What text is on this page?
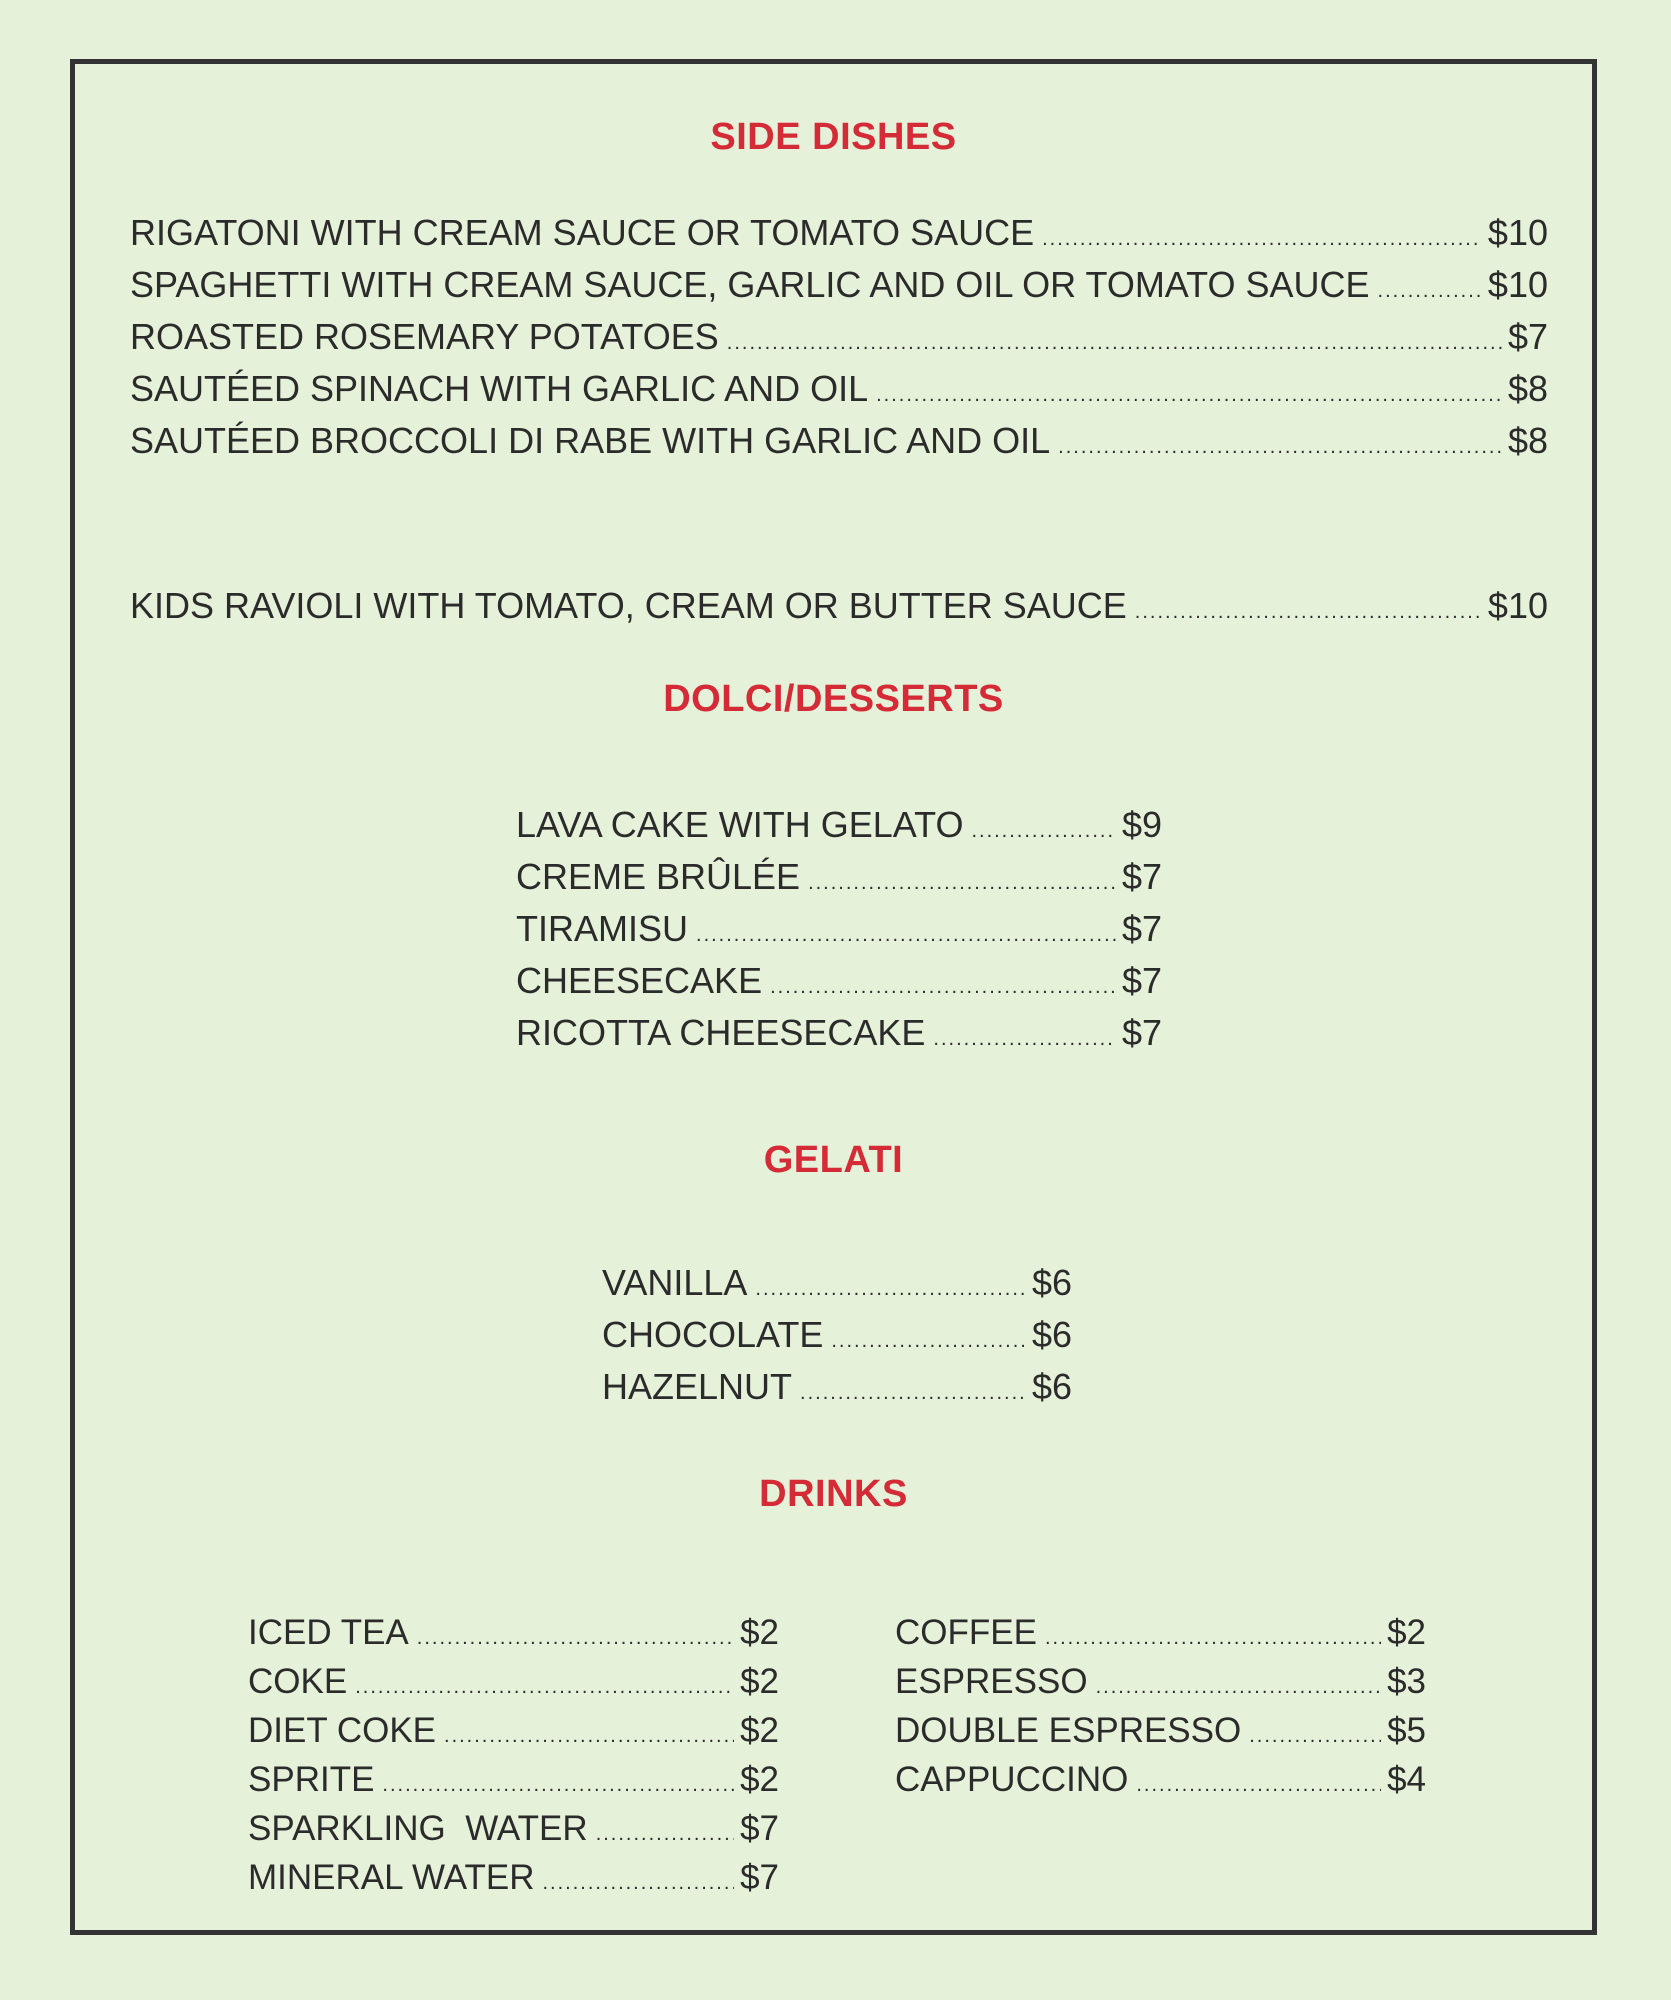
SIDE DISHES
RIGATONI WITH CREAM SAUCE OR TOMATO SAUCE .....	$10
SPAGHETTI WITH CREAM SAUCE, GARLIC AND OIL OR TOMATO SAUCE .....	$10
ROASTED ROSEMARY POTATOES .....	$7
SAUTÉED SPINACH WITH GARLIC AND OIL .....	$8
SAUTÉED BROCCOLI DI RABE WITH GARLIC AND OIL .....	$8
KIDS RAVIOLI WITH TOMATO, CREAM OR BUTTER SAUCE .....	$10
DOLCI/DESSERTS
LAVA CAKE WITH GELATO .....	$9
CREME BRÛLÉE .....	$7
TIRAMISU .....	$7
CHEESECAKE .....	$7
RICOTTA CHEESECAKE .....	$7
GELATI
VANILLA .....	$6
CHOCOLATE .....	$6
HAZELNUT .....	$6
DRINKS
ICED TEA .....	$2
COKE .....	$2
DIET COKE .....	$2
SPRITE .....	$2
SPARKLING  WATER .....	$7
MINERAL WATER .....	$7
COFFEE .....	$2
ESPRESSO .....	$3
DOUBLE ESPRESSO .....	$5
CAPPUCCINO .....	$4
